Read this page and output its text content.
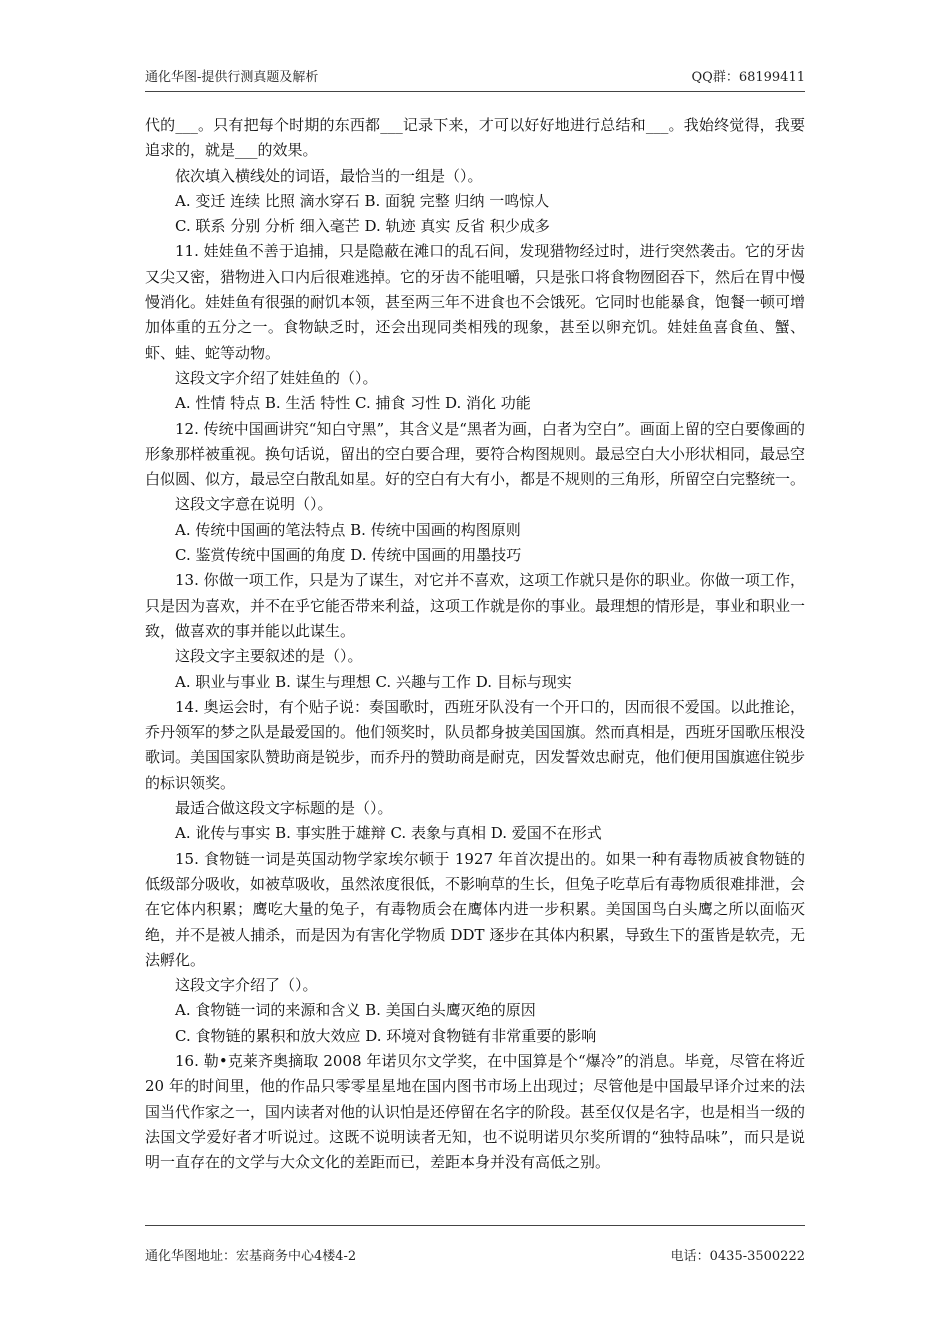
通化华图-提供行测真题及解析	QQ群：68199411

代的___。只有把每个时期的东西都___记录下来，才可以好好地进行总结和___。我始终觉得，我要追求的，就是___的效果。

依次填入横线处的词语，最恰当的一组是（）。

A. 变迁 连续 比照 滴水穿石 B. 面貌 完整 归纳 一鸣惊人

C. 联系 分别 分析 细入毫芒 D. 轨迹 真实 反省 积少成多

11. 娃娃鱼不善于追捕，只是隐蔽在滩口的乱石间，发现猎物经过时，进行突然袭击。它的牙齿又尖又密，猎物进入口内后很难逃掉。它的牙齿不能咀嚼，只是张口将食物囫囵吞下，然后在胃中慢慢消化。娃娃鱼有很强的耐饥本领，甚至两三年不进食也不会饿死。它同时也能暴食，饱餐一顿可增加体重的五分之一。食物缺乏时，还会出现同类相残的现象，甚至以卵充饥。娃娃鱼喜食鱼、蟹、虾、蛙、蛇等动物。

这段文字介绍了娃娃鱼的（）。

A. 性情 特点 B. 生活 特性 C. 捕食 习性 D. 消化 功能

12. 传统中国画讲究“知白守黑”，其含义是“黑者为画，白者为空白”。画面上留的空白要像画的形象那样被重视。换句话说，留出的空白要合理，要符合构图规则。最忌空白大小形状相同，最忌空白似圆、似方，最忌空白散乱如星。好的空白有大有小，都是不规则的三角形，所留空白完整统一。

这段文字意在说明（）。

A. 传统中国画的笔法特点 B. 传统中国画的构图原则

C. 鉴赏传统中国画的角度 D. 传统中国画的用墨技巧

13. 你做一项工作，只是为了谋生，对它并不喜欢，这项工作就只是你的职业。你做一项工作，只是因为喜欢，并不在乎它能否带来利益，这项工作就是你的事业。最理想的情形是，事业和职业一致，做喜欢的事并能以此谋生。

这段文字主要叙述的是（）。

A. 职业与事业 B. 谋生与理想 C. 兴趣与工作 D. 目标与现实

14. 奥运会时，有个贴子说：奏国歌时，西班牙队没有一个开口的，因而很不爱国。以此推论，乔丹领军的梦之队是最爱国的。他们领奖时，队员都身披美国国旗。然而真相是，西班牙国歌压根没歌词。美国国家队赞助商是锐步，而乔丹的赞助商是耐克，因发誓效忠耐克，他们便用国旗遮住锐步的标识领奖。

最适合做这段文字标题的是（）。

A. 讹传与事实 B. 事实胜于雄辩 C. 表象与真相 D. 爱国不在形式

15. 食物链一词是英国动物学家埃尔顿于 1927 年首次提出的。如果一种有毒物质被食物链的低级部分吸收，如被草吸收，虽然浓度很低，不影响草的生长，但兔子吃草后有毒物质很难排泄，会在它体内积累；鹰吃大量的兔子，有毒物质会在鹰体内进一步积累。美国国鸟白头鹰之所以面临灭绝，并不是被人捕杀，而是因为有害化学物质 DDT 逐步在其体内积累，导致生下的蛋皆是软壳，无法孵化。

这段文字介绍了（）。

A. 食物链一词的来源和含义 B. 美国白头鹰灭绝的原因

C. 食物链的累积和放大效应 D. 环境对食物链有非常重要的影响

16. 勒•克莱齐奥摘取 2008 年诺贝尔文学奖，在中国算是个“爆冷”的消息。毕竟，尽管在将近 20 年的时间里，他的作品只零零星星地在国内图书市场上出现过；尽管他是中国最早译介过来的法国当代作家之一，国内读者对他的认识怕是还停留在名字的阶段。甚至仅仅是名字，也是相当一级的法国文学爱好者才听说过。这既不说明读者无知，也不说明诺贝尔奖所谓的“独特品味”，而只是说明一直存在的文学与大众文化的差距而已，差距本身并没有高低之别。

通化华图地址：宏基商务中心4楼4-2	电话：0435-3500222
